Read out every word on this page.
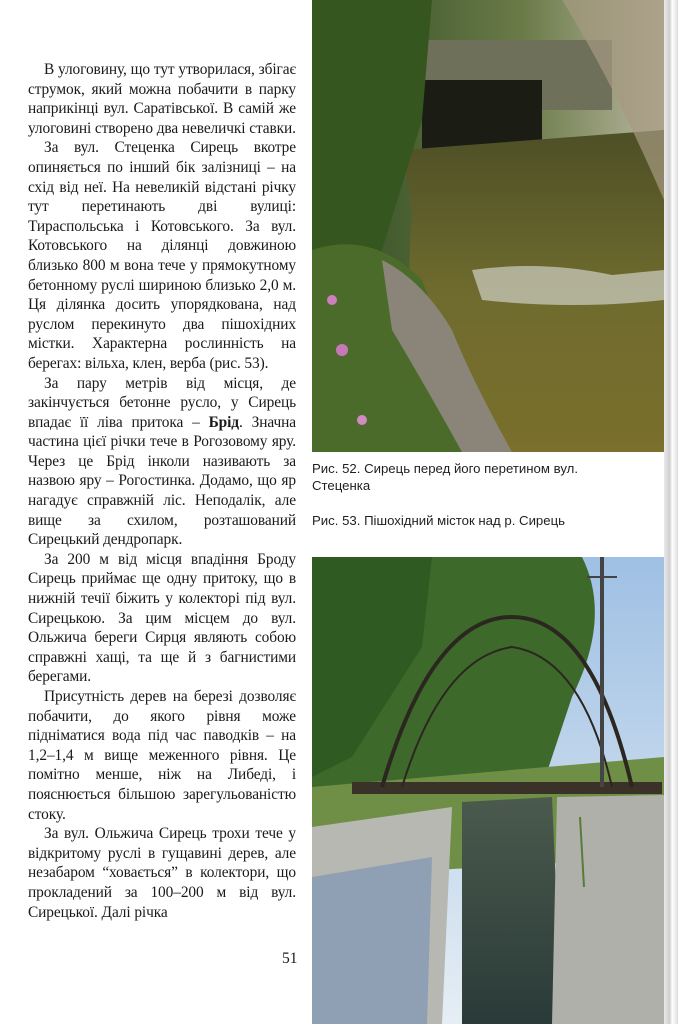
В улоговину, що тут утворилася, збігає струмок, який можна побачити в парку наприкінці вул. Саратівської. В самій же улоговині створено два невеличкі ставки.

За вул. Стеценка Сирець вкотре опиняється по інший бік залізниці – на схід від неї. На невеликій відстані річку тут перетинають дві вулиці: Тираспольська і Котовського. За вул. Котовського на ділянці довжиною близько 800 м вона тече у прямокутному бетонному руслі шириною близько 2,0 м. Ця ділянка досить упорядкована, над руслом перекинуто два пішохідних містки. Характерна рослинність на берегах: вільха, клен, верба (рис. 53).

За пару метрів від місця, де закінчується бетонне русло, у Сирець впадає її ліва притока – Брід. Значна частина цієї річки тече в Рогозовому яру. Через це Брід інколи називають за назвою яру – Рогостинка. Додамо, що яр нагадує справжній ліс. Неподалік, але вище за схилом, розташований Сирецький дендропарк.

За 200 м від місця впадіння Броду Сирець приймає ще одну притоку, що в нижній течії біжить у колекторі під вул. Сирецькою. За цим місцем до вул. Ольжича береги Сирця являють собою справжні хащі, та ще й з багнистими берегами.

Присутність дерев на березі дозволяє побачити, до якого рівня може підніматися вода під час паводків – на 1,2–1,4 м вище меженного рівня. Це помітно менше, ніж на Либеді, і пояснюється більшою зарегульованістю стоку.

За вул. Ольжича Сирець трохи тече у відкритому руслі в гущавині дерев, але незабаром “ховається” в колектори, що прокладений за 100–200 м від вул. Сирецької. Далі річка

51
Рис. 52. Сирець перед його перетином вул. Стеценка
Рис. 53. Пішохідний місток над р. Сирець
